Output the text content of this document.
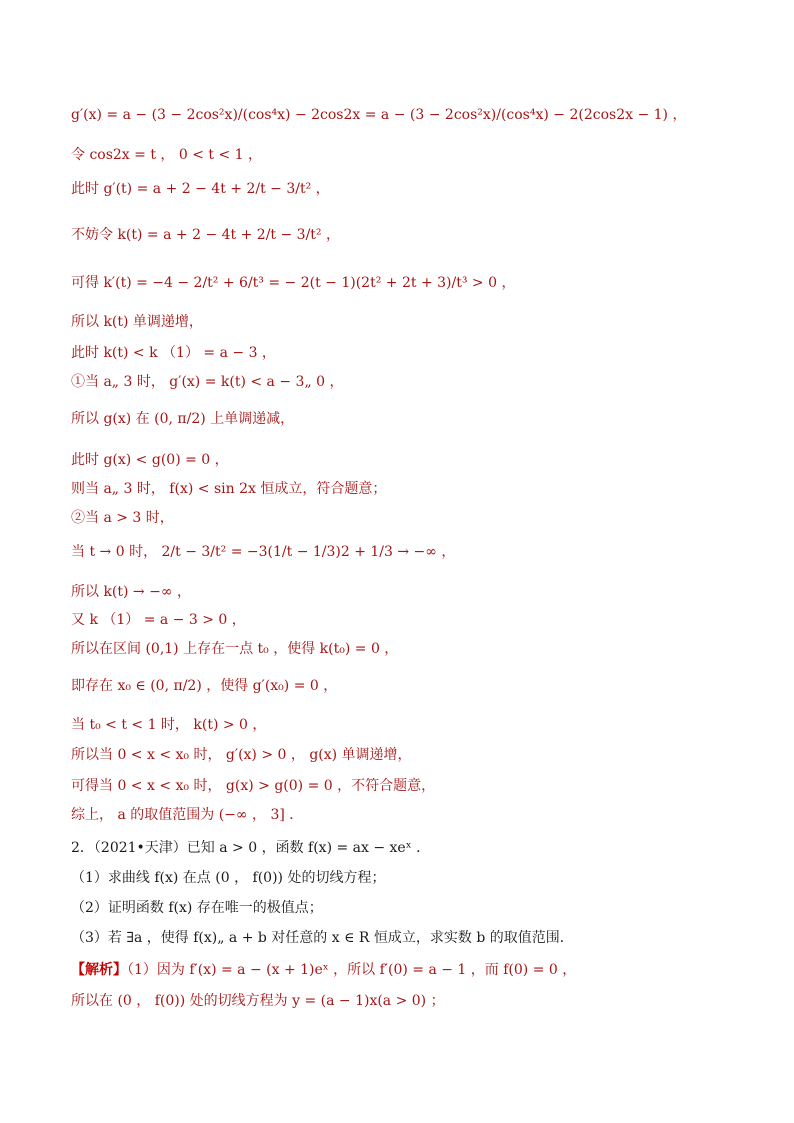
g′(x) = a − (3 − 2cos²x)/(cos⁴x) − 2cos2x = a − (3 − 2cos²x)/(cos⁴x) − 2(2cos2x − 1) ，
令 cos2x = t ， 0 < t < 1 ，
此时 g′(t) = a + 2 − 4t + 2/t − 3/t² ，
不妨令 k(t) = a + 2 − 4t + 2/t − 3/t² ，
可得 k′(t) = −4 − 2/t² + 6/t³ = − 2(t − 1)(2t² + 2t + 3)/t³ > 0 ，
所以 k(t) 单调递增，
此时 k(t) < k （1） = a − 3 ，
①当 a„ 3 时， g′(x) = k(t) < a − 3„ 0 ，
所以 g(x) 在 (0, π/2) 上单调递减，
此时 g(x) < g(0) = 0 ，
则当 a„ 3 时， f(x) < sin 2x 恒成立，符合题意；
②当 a > 3 时，
当 t → 0 时， 2/t − 3/t² = −3(1/t − 1/3)2 + 1/3 → −∞ ，
所以 k(t) → −∞ ，
又 k （1） = a − 3 > 0 ，
所以在区间 (0,1) 上存在一点 t₀ ，使得 k(t₀) = 0 ，
即存在 x₀ ∈ (0, π/2) ，使得 g′(x₀) = 0 ，
当 t₀ < t < 1 时， k(t) > 0 ，
所以当 0 < x < x₀ 时， g′(x) > 0 ， g(x) 单调递增，
可得当 0 < x < x₀ 时， g(x) > g(0) = 0 ，不符合题意，
综上， a 的取值范围为 (−∞ ， 3] ．
2．（2021•天津）已知 a > 0 ，函数 f(x) = ax − xeˣ ．
（1）求曲线 f(x) 在点 (0 ， f(0)) 处的切线方程；
（2）证明函数 f(x) 存在唯一的极值点；
（3）若 ∃a ，使得 f(x)„ a + b 对任意的 x ∈ R 恒成立，求实数 b 的取值范围．
【解析】（1）因为 f′(x) = a − (x + 1)eˣ ，所以 f′(0) = a − 1 ，而 f(0) = 0 ，
所以在 (0 ， f(0)) 处的切线方程为 y = (a − 1)x(a > 0) ；
